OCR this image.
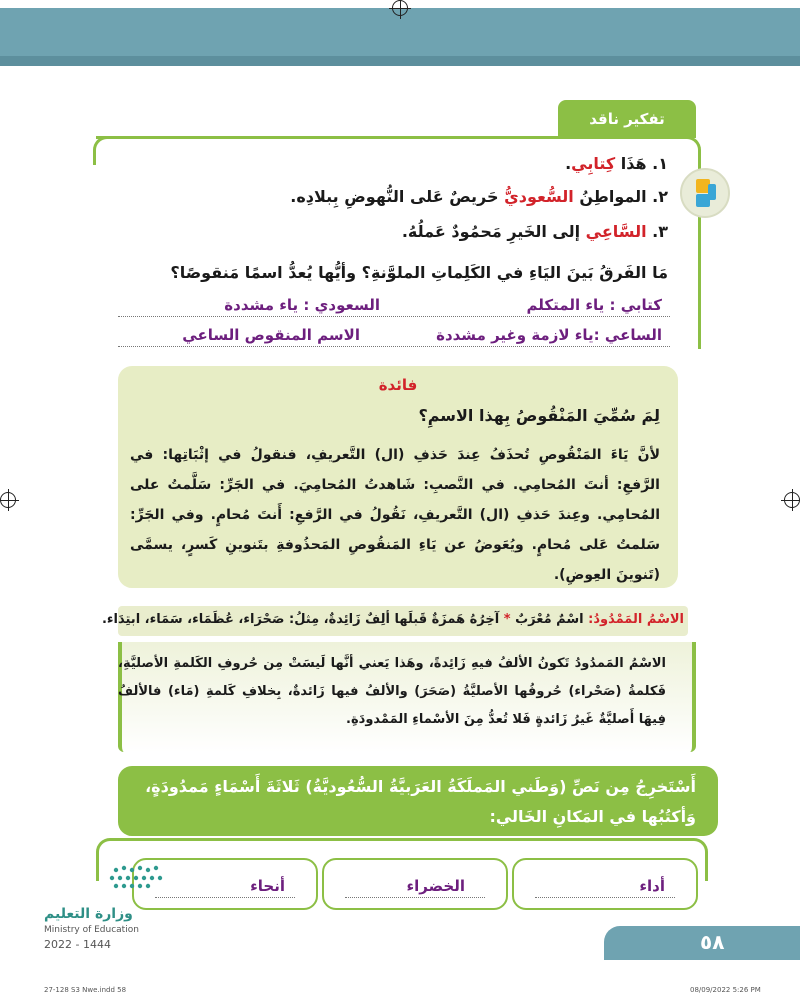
تفكير ناقد
١. هَذَا كِتابِي.
٢. المواطِنُ السُّعوديُّ حَريصٌ عَلى النُّهوضِ بِبلادِه.
٣. السَّاعِي إلى الخَيرِ مَحمُودٌ عَملُهُ.
مَا الفَرقُ بَينَ اليَاءِ في الكَلِماتِ الملوَّنةِ؟ وأيُّها يُعدُّ اسمًا مَنقوصًا؟
كتابي : ياء المتكلم
السعودي : ياء مشددة
الساعي :ياء لازمة وغير مشددة
الاسم المنقوص الساعي
فائدة
لِمَ سُمِّيَ المَنْقُوصُ بِهذا الاسمِ؟
لأنَّ يَاءَ المَنْقُوصِ تُحذَفُ عِندَ حَذفِ (ال) التَّعريفِ، فنقولُ في إثْبَاتِها: في الرَّفعِ: أنتَ المُحامِي. في النَّصبِ: شَاهدتُ المُحامِيَ. في الجَرِّ: سَلَّمتُ على المُحامِي. وعِندَ حَذفِ (ال) التَّعريفِ، نَقُولُ في الرَّفعِ: أَنتَ مُحامٍ. وفي الجَرِّ: سَلمتُ عَلى مُحامٍ. ويُعَوضُ عن يَاءِ المَنقُوصِ المَحذُوفةِ بتَنوينِ كَسرٍ، يسمَّى (تَنوينَ العِوضِ).
الاسْمُ المَمْدُودُ: اسْمٌ مُعْرَبٌ * آخِرُهُ هَمزَةٌ قَبلَها ألِفٌ زَائِدةٌ، مِثلُ: صَحْرَاء، عُظَمَاء، سَمَاء، ابتِدَاء.
الاسْمُ المَمدُودُ تَكونُ الألفُ فيهِ زَائِدةً، وهَذا يَعني أنَّها لَيسَتْ مِن حُروفِ الكَلمةِ الأصليَّةِ، فَكلمةُ (صَحْراء) حُروفُها الأصليَّةُ (صَحَرَ) والألفُ فيها زَائدةٌ، بِخلافِ كَلمةِ (مَاء) فالألفُ فِيهَا أَصليَّةٌ غَيرُ زَائدةٍ فَلا تُعدُّ مِنَ الأسْماءِ المَمْدودَةِ.
أَسْتَخرِجُ مِن نَصِّ (وَطَني المَملَكَةُ العَرَبيَّةُ السُّعُوديَّةُ) ثَلاثَةَ أَسْمَاءٍ مَمدُودَةٍ، وَأكتُبُها في المَكانِ الخَالي:
أداء
الخضراء
أنحاء
وزارة التعليم
Ministry of Education
2022 - 1444	٥٨
27-128 S3 Nwe.indd 58	08/09/2022 5:26 PM
